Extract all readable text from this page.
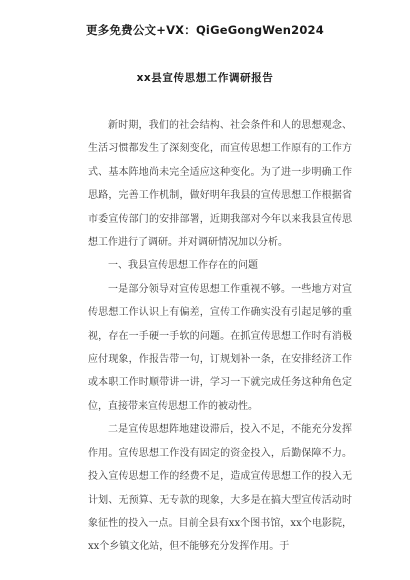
更多免费公文+VX：QiGeGongWen2024
xx县宣传思想工作调研报告

新时期，我们的社会结构、社会条件和人的思想观念、生活习惯都发生了深刻变化，而宣传思想工作原有的工作方式、基本阵地尚未完全适应这种变化。为了进一步明确工作思路，完善工作机制，做好明年我县的宣传思想工作根据省市委宣传部门的安排部署，近期我部对今年以来我县宣传思想工作进行了调研。并对调研情况加以分析。

一、我县宣传思想工作存在的问题

一是部分领导对宣传思想工作重视不够。一些地方对宣传思想工作认识上有偏差，宣传工作确实没有引起足够的重视，存在一手硬一手软的问题。在抓宣传思想工作时有消极应付现象，作报告带一句，订规划补一条，在安排经济工作或本职工作时顺带讲一讲，学习一下就完成任务这种角色定位，直接带来宣传思想工作的被动性。

二是宣传思想阵地建设滞后，投入不足，不能充分发挥作用。宣传思想工作没有固定的资金投入，后勤保障不力。投入宣传思想工作的经费不足，造成宣传思想工作的投入无计划、无预算、无专款的现象，大多是在搞大型宣传活动时象征性的投入一点。目前全县有xx个图书馆，xx个电影院，xx个乡镇文化站，但不能够充分发挥作用。于
